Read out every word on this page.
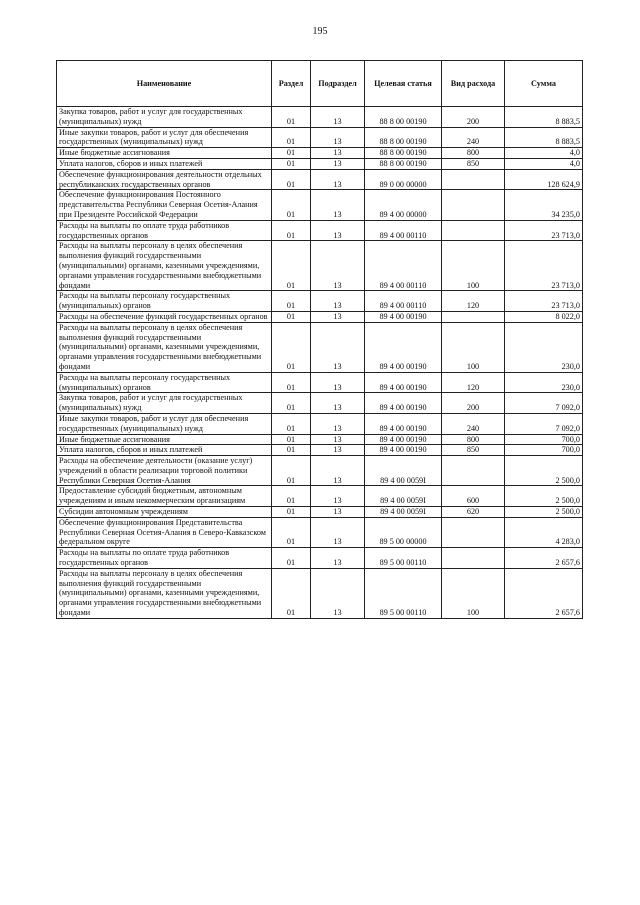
195
Наименование	Раздел	Подраздел	Целевая статья	Вид расхода	Сумма
Закупка товаров, работ и услуг для государственных (муниципальных) нужд	01	13	88 8 00 00190	200	8 883,5
Иные закупки товаров, работ и услуг для обеспечения государственных (муниципальных) нужд	01	13	88 8 00 00190	240	8 883,5
Иные бюджетные ассигнования	01	13	88 8 00 00190	800	4,0
Уплата налогов, сборов и иных платежей	01	13	88 8 00 00190	850	4,0
Обеспечение функционирования деятельности отдельных республиканских государственных органов	01	13	89 0 00 00000		128 624,9
Обеспечение функционирования Постоянного представительства Республики Северная Осетия-Алания при Президенте Российской Федерации	01	13	89 4 00 00000		34 235,0
Расходы на выплаты по оплате труда работников государственных органов	01	13	89 4 00 00110		23 713,0
Расходы на выплаты персоналу в целях обеспечения выполнения функций государственными (муниципальными) органами, казенными учреждениями, органами управления государственными внебюджетными фондами	01	13	89 4 00 00110	100	23 713,0
Расходы на выплаты персоналу государственных (муниципальных) органов	01	13	89 4 00 00110	120	23 713,0
Расходы на обеспечение функций государственных органов	01	13	89 4 00 00190		8 022,0
Расходы на выплаты персоналу в целях обеспечения выполнения функций государственными (муниципальными) органами, казенными учреждениями, органами управления государственными внебюджетными фондами	01	13	89 4 00 00190	100	230,0
Расходы на выплаты персоналу государственных (муниципальных) органов	01	13	89 4 00 00190	120	230,0
Закупка товаров, работ и услуг для государственных (муниципальных) нужд	01	13	89 4 00 00190	200	7 092,0
Иные закупки товаров, работ и услуг для обеспечения государственных (муниципальных) нужд	01	13	89 4 00 00190	240	7 092,0
Иные бюджетные ассигнования	01	13	89 4 00 00190	800	700,0
Уплата налогов, сборов и иных платежей	01	13	89 4 00 00190	850	700,0
Расходы на обеспечение деятельности (оказание услуг) учреждений в области реализации торговой политики Республики Северная Осетия-Алания	01	13	89 4 00 0059I		2 500,0
Предоставление субсидий бюджетным, автономным учреждениям и иным некоммерческим организациям	01	13	89 4 00 0059I	600	2 500,0
Субсидии автономным учреждениям	01	13	89 4 00 0059I	620	2 500,0
Обеспечение функционирования Представительства Республики Северная Осетия-Алания в Северо-Кавказском федеральном округе	01	13	89 5 00 00000		4 283,0
Расходы на выплаты по оплате труда работников государственных органов	01	13	89 5 00 00110		2 657,6
Расходы на выплаты персоналу в целях обеспечения выполнения функций государственными (муниципальными) органами, казенными учреждениями, органами управления государственными внебюджетными фондами	01	13	89 5 00 00110	100	2 657,6
